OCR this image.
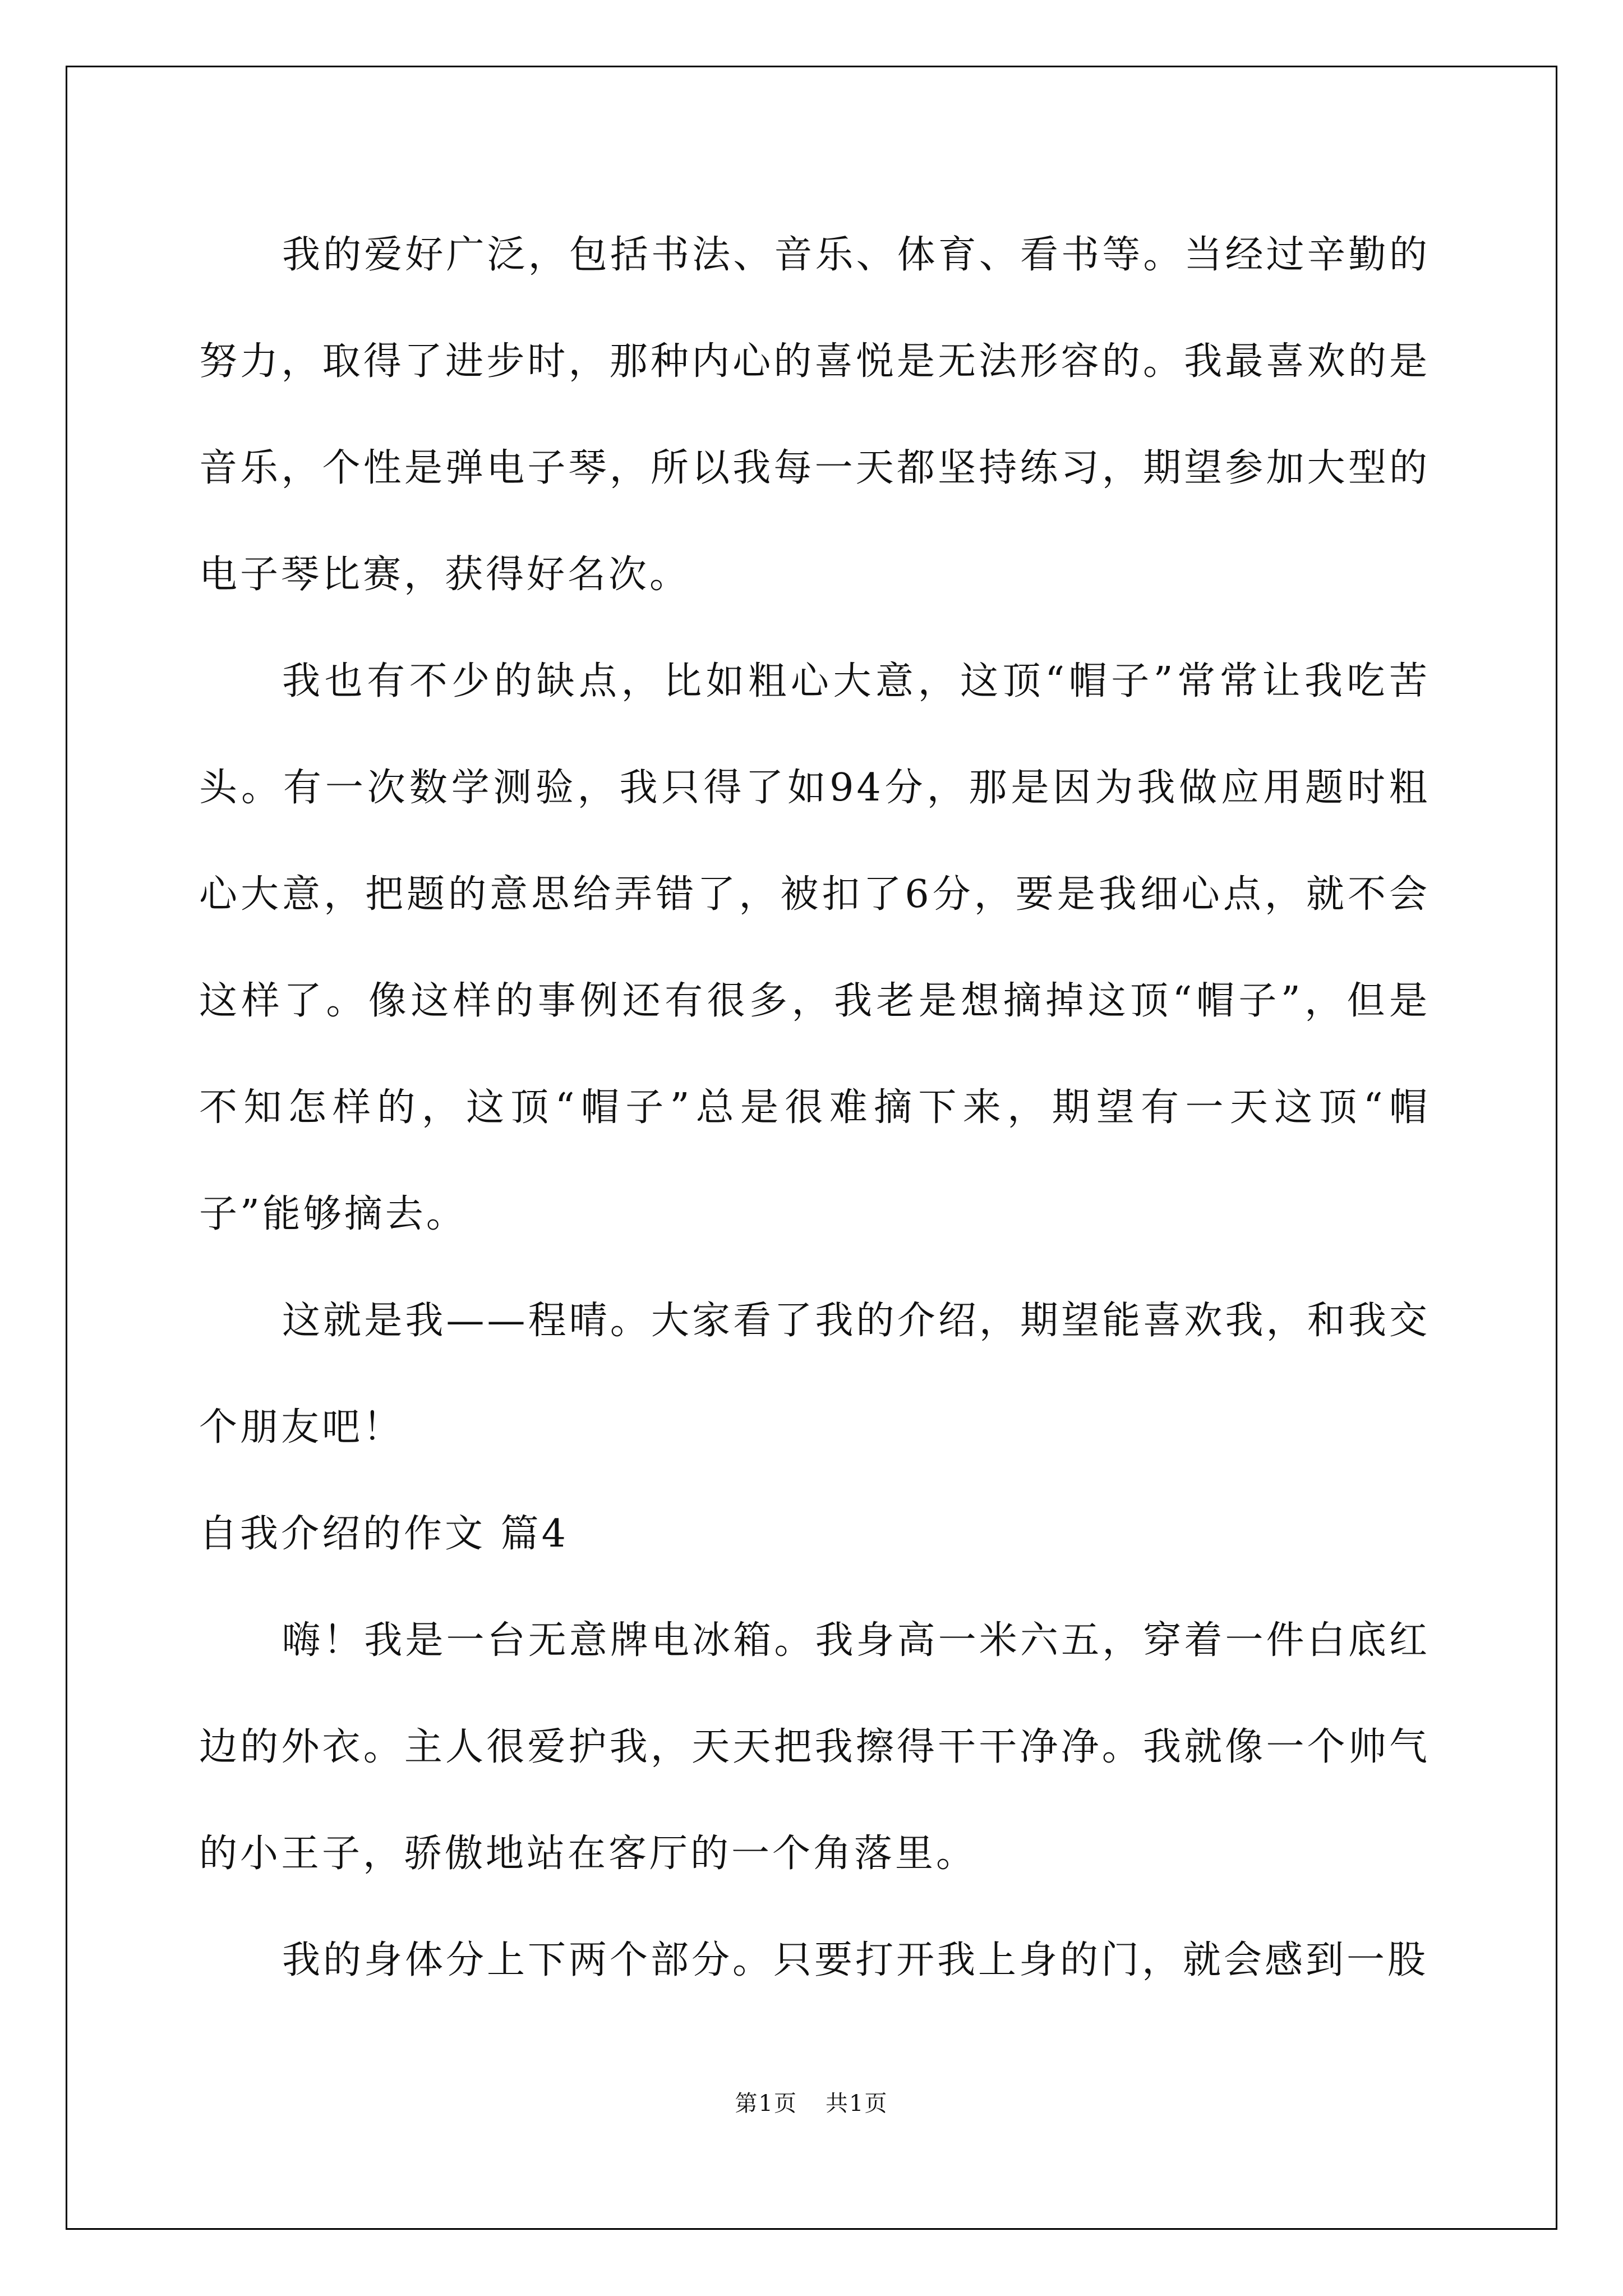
我的爱好广泛，包括书法、音乐、体育、看书等。当经过辛勤的努力，取得了进步时，那种内心的喜悦是无法形容的。我最喜欢的是音乐，个性是弹电子琴，所以我每一天都坚持练习，期望参加大型的电子琴比赛，获得好名次。

我也有不少的缺点，比如粗心大意，这顶“帽子”常常让我吃苦头。有一次数学测验，我只得了如94分，那是因为我做应用题时粗心大意，把题的意思给弄错了，被扣了6分，要是我细心点，就不会这样了。像这样的事例还有很多，我老是想摘掉这顶“帽子”，但是不知怎样的，这顶“帽子”总是很难摘下来，期望有一天这顶“帽子”能够摘去。

这就是我——程晴。大家看了我的介绍，期望能喜欢我，和我交个朋友吧！

自我介绍的作文 篇4

嗨！我是一台无意牌电冰箱。我身高一米六五，穿着一件白底红边的外衣。主人很爱护我，天天把我擦得干干净净。我就像一个帅气的小王子，骄傲地站在客厅的一个角落里。

我的身体分上下两个部分。只要打开我上身的门，就会感到一股

第1页 共1页
